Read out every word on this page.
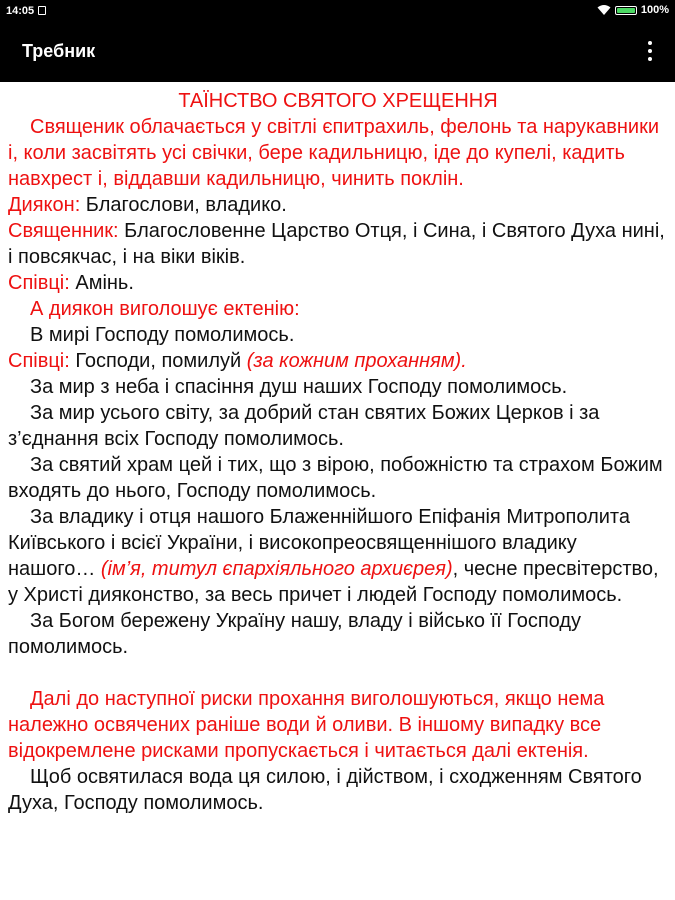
14:05	100%
Требник

ТАЇНСТВО СВЯТОГО ХРЕЩЕННЯ

Священик облачається у світлі єпитрахиль, фелонь та нарукавники і, коли засвітять усі свічки, бере кадильницю, іде до купелі, кадить навхрест і, віддавши кадильницю, чинить поклін.

Диякон: Благослови, владико.

Священник: Благословенне Царство Отця, і Сина, і Святого Духа нині, і повсякчас, і на віки віків.

Співці: Амінь.

А диякон виголошує ектенію:

В мирі Господу помолимось.

Співці: Господи, помилуй (за кожним проханням).

За мир з неба і спасіння душ наших Господу помолимось.

За мир усього світу, за добрий стан святих Божих Церков і за з’єднання всіх Господу помолимось.

За святий храм цей і тих, що з вірою, побожністю та страхом Божим входять до нього, Господу помолимось.

За владику і отця нашого Блаженнійшого Епіфанія Митрополита Київського і всієї України, і високопреосвященнішого владику нашого… (ім’я, титул єпархіяльного архиєрея), чесне пресвітерство, у Христі дияконство, за весь причет і людей Господу помолимось.

За Богом бережену Україну нашу, владу і військо її Господу помолимось.

Далі до наступної риски прохання виголошуються, якщо нема належно освячених раніше води й оливи. В іншому випадку все відокремлене рисками пропускається і читається далі ектенія.

Щоб освятилася вода ця силою, і дійством, і сходженням Святого Духа, Господу помолимось.
